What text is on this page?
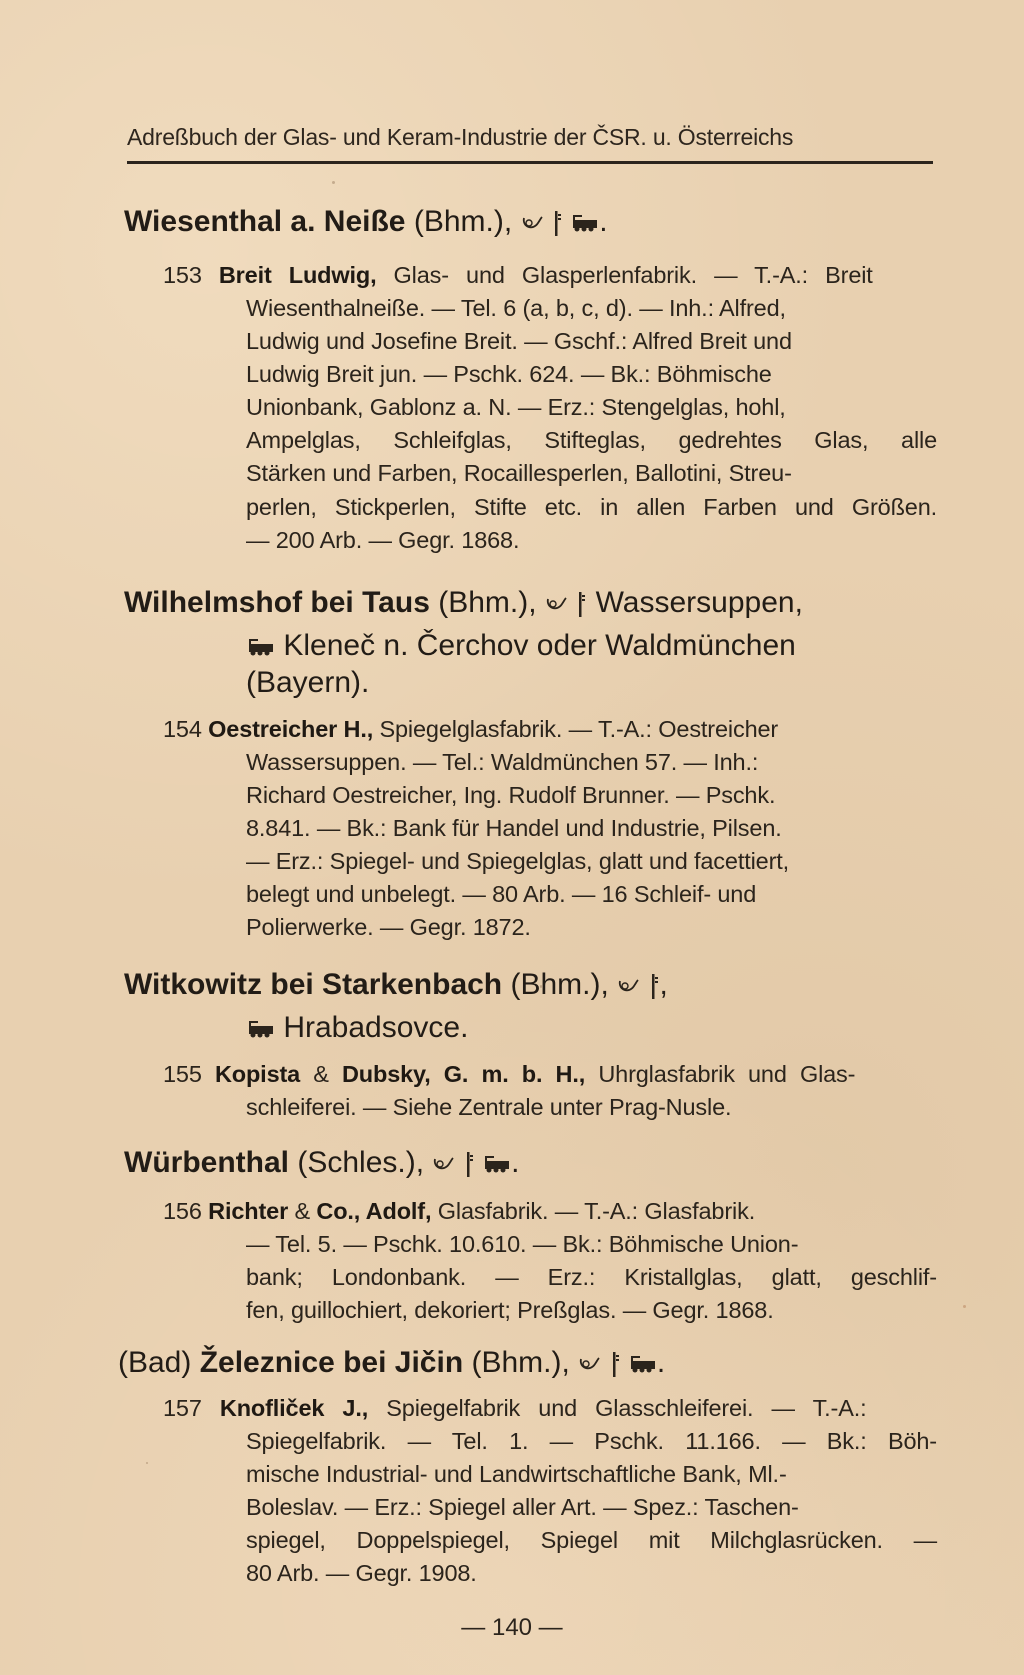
Adreßbuch der Glas- und Keram-Industrie der ČSR. u. Österreichs
Wiesenthal a. Neiße (Bhm.),

	.
153 Breit Ludwig, Glas- und Glasperlenfabrik. — T.-A.: Breit
Wiesenthalneiße. — Tel. 6 (a, b, c, d). — Inh.: Alfred,
Ludwig und Josefine Breit. — Gschf.: Alfred Breit und
Ludwig Breit jun. — Pschk. 624. — Bk.: Böhmische
Unionbank, Gablonz a. N. — Erz.: Stengelglas, hohl,
Ampelglas, Schleifglas, Stifteglas, gedrehtes Glas, alle
Stärken und Farben, Rocaillesperlen, Ballotini, Streu-
perlen, Stickperlen, Stifte etc. in allen Farben und Größen.
— 200 Arb. — Gegr. 1868.
Wilhelmshof bei Taus (Bhm.),
Wassersuppen,
Kleneč n. Čerchov oder Waldmünchen
(Bayern).
154 Oestreicher H., Spiegelglasfabrik. — T.-A.: Oestreicher
Wassersuppen. — Tel.: Waldmünchen 57. — Inh.:
Richard Oestreicher, Ing. Rudolf Brunner. — Pschk.
8.841. — Bk.: Bank für Handel und Industrie, Pilsen.
— Erz.: Spiegel- und Spiegelglas, glatt und facettiert,
belegt und unbelegt. — 80 Arb. — 16 Schleif- und
Polierwerke. — Gegr. 1872.
Witkowitz bei Starkenbach (Bhm.),
,
Hrabadsovce.
155 Kopista & Dubsky, G. m. b. H., Uhrglasfabrik und Glas-
schleiferei. — Siehe Zentrale unter Prag-Nusle.
Würbenthal (Schles.),

	.
156 Richter & Co., Adolf, Glasfabrik. — T.-A.: Glasfabrik.
— Tel. 5. — Pschk. 10.610. — Bk.: Böhmische Union-
bank; Londonbank. — Erz.: Kristallglas, glatt, geschlif-
fen, guillochiert, dekoriert; Preßglas. — Gegr. 1868.
(Bad) Železnice bei Jičin (Bhm.),

	.
157 Knofliček J., Spiegelfabrik und Glasschleiferei. — T.-A.:
Spiegelfabrik. — Tel. 1. — Pschk. 11.166. — Bk.: Böh-
mische Industrial- und Landwirtschaftliche Bank, Ml.-
Boleslav. — Erz.: Spiegel aller Art. — Spez.: Taschen-
spiegel, Doppelspiegel, Spiegel mit Milchglasrücken. —
80 Arb. — Gegr. 1908.
— 140 —
